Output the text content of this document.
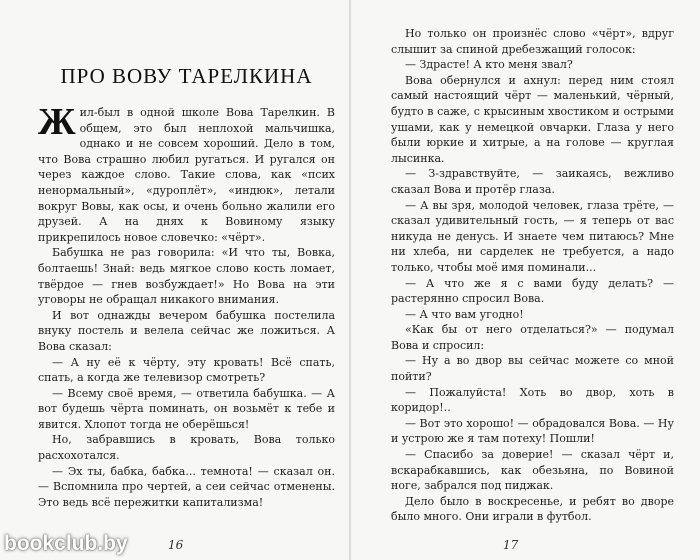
ПРО ВОВУ ТАРЕЛКИНА

Жил-был в одной школе Вова Тарелкин. В общем, это был неплохой мальчишка, однако и не совсем хороший. Дело в том, что Вова страшно любил ругаться. И ругался он через каждое слово. Такие слова, как «псих ненормальный», «дуроплёт», «индюк», летали вокруг Вовы, как осы, и очень больно жалили его друзей. А на днях к Вовиному языку прикрепилось новое словечко: «чёрт».

Бабушка не раз говорила: «И что ты, Вовка, болтаешь! Знай: ведь мягкое слово кость ломает, твёрдое — гнев возбуждает!» Но Вова на эти уговоры не обращал никакого внимания.

И вот однажды вечером бабушка постелила внуку постель и велела сейчас же ложиться. А Вова сказал:

— А ну её к чёрту, эту кровать! Всё спать, спать, а когда же телевизор смотреть?

— Всему своё время, — ответила бабушка. — А вот будешь чёрта поминать, он возьмёт к тебе и явится. Хлопот тогда не оберёшься!

Но, забравшись в кровать, Вова только расхохотался.

— Эх ты, бабка, бабка... темнота! — сказал он. — Вспомнила про чертей, а сеи сейчас отменены. Это ведь всё пережитки капитализма!

16

Но только он произнёс слово «чёрт», вдруг слышит за спиной дребезжащий голосок:

— Здрасте! А кто меня звал?

Вова обернулся и ахнул: перед ним стоял самый настоящий чёрт — маленький, чёрный, будто в саже, с крысиным хвостиком и острыми ушами, как у немецкой овчарки. Глаза у него были юркие и хитрые, а на голове — круглая лысинка.

— З-здравствуйте, — заикаясь, вежливо сказал Вова и протёр глаза.

— А вы зря, молодой человек, глаза трёте, — сказал удивительный гость, — я теперь от вас никуда не денусь. И знаете чем питаюсь? Мне ни хлеба, ни сарделек не требуется, а надо только, чтобы моё имя поминали...

— А что же я с вами буду делать? — растерянно спросил Вова.

— А что вам угодно!

«Как бы от него отделаться?» — подумал Вова и спросил:

— Ну а во двор вы сейчас можете со мной пойти?

— Пожалуйста! Хоть во двор, хоть в коридор!..

— Вот это хорошо! — обрадовался Вова. — Ну и устрою же я там потеху! Пошли!

— Спасибо за доверие! — сказал чёрт и, вскарабкавшись, как обезьяна, по Вовиной ноге, забрался под пиджак.

Дело было в воскресенье, и ребят во дворе было много. Они играли в футбол.

17
bookclub.by
